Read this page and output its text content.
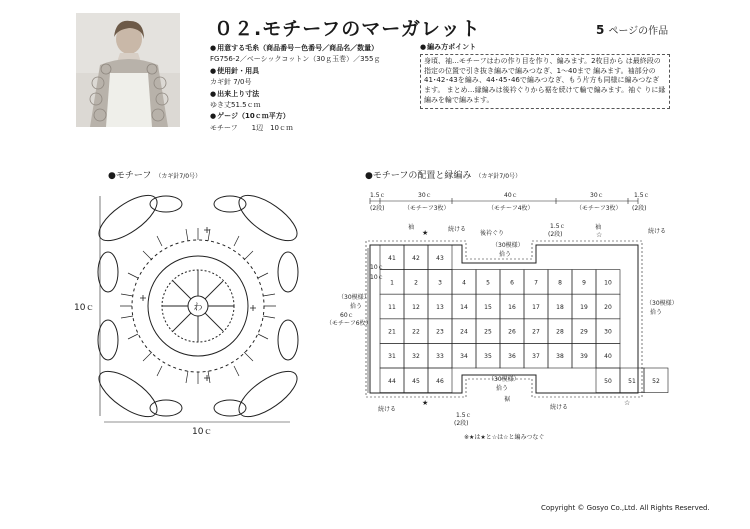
０２.モチーフのマーガレット	5 ページの作品
● 用意する毛糸（商品番号－色番号／商品名／数量）
FG756-2／ベーシックコットン（30ｇ玉巻）／355ｇ
● 使用針・用具
カギ針 7/0号
● 出来上り寸法
ゆき丈51.5ｃｍ
● ゲージ（10ｃｍ平方）
モチーフ　　1辺　10ｃｍ
● 編み方ポイント
身頃、袖…モチーフはわの作り目を作り、編みます。2枚目から は最終段の指定の位置で引き抜き編みで編みつなぎ、1～40まで 編みます。袖部分の41･42･43を編み、44･45･46で編みつなぎ、もう片方も同様に編みつなぎます。 まとめ…縁編みは後衿ぐりから裾を続けて輪で編みます。袖ぐ りに縁編みを輪で編みます。
●モチーフ （カギ針7/0号）
わ
10ｃ
10ｃ
●モチーフの配置と縁編み （カギ針7/0号）
1.5ｃ
(2段)
30ｃ
（モチーフ3枚）
40ｃ
（モチーフ4枚）
30ｃ
（モチーフ3枚）
1.5ｃ
(2段)
袖	袖
続ける	続ける
後衿ぐり
（30模様）
拾う
1.5ｃ
(2段)
（30模様）
拾う
60ｃ
（モチーフ6枚）
10ｃ
10ｃ
（30模様）
拾う
（30模様）
拾う
裾
続ける	続ける
★	☆
★	☆
1.5ｃ
(2段)
※★は★と☆は☆と編みつなぐ
41	42	43
1	2	3	4	5	6	7	8	9	10
11	12	13	14	15	16	17	18	19	20
21	22	23	24	25	26	27	28	29	30
31	32	33	34	35	36	37	38	39	40
44	45	46	50	51	52
Copyright © Gosyo Co.,Ltd. All Rights Reserved.
